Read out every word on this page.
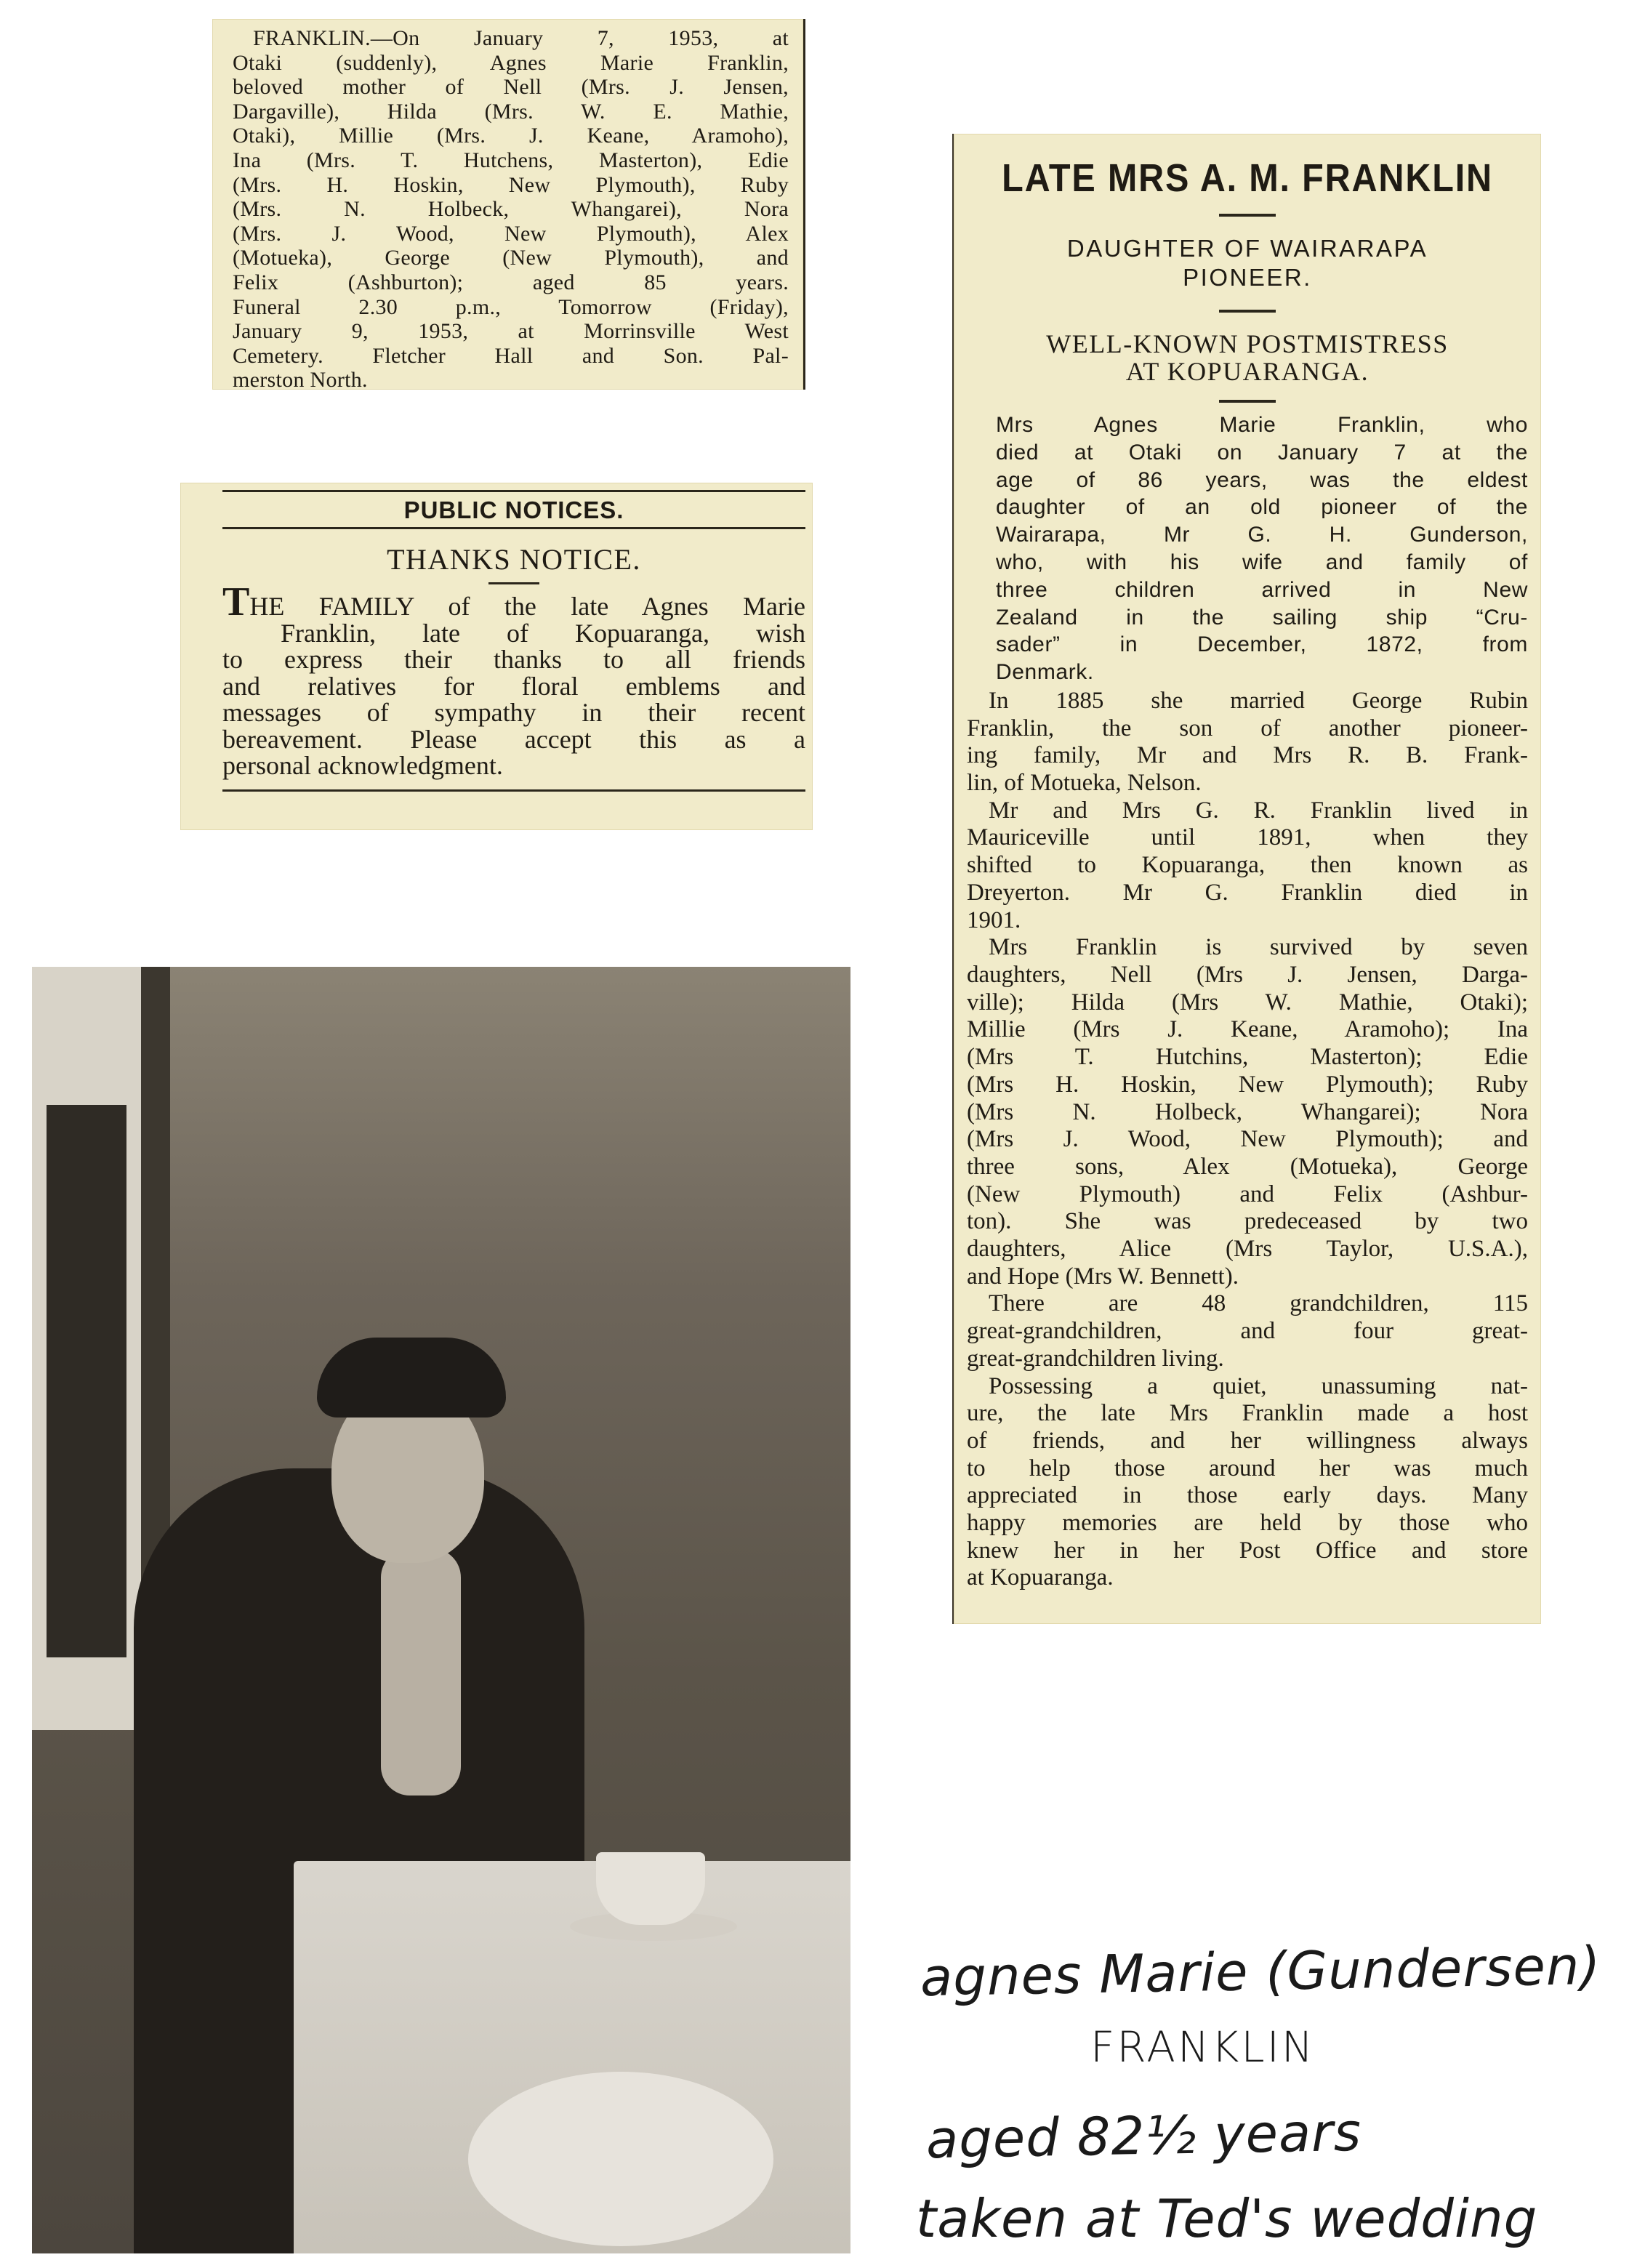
FRANKLIN.—On January 7, 1953, at
Otaki (suddenly), Agnes Marie Franklin,
beloved mother of Nell (Mrs. J. Jensen,
Dargaville), Hilda (Mrs. W. E. Mathie,
Otaki), Millie (Mrs. J. Keane, Aramoho),
Ina (Mrs. T. Hutchens, Masterton), Edie
(Mrs. H. Hoskin, New Plymouth), Ruby
(Mrs. N. Holbeck, Whangarei), Nora
(Mrs. J. Wood, New Plymouth), Alex
(Motueka), George (New Plymouth), and
Felix (Ashburton); aged 85 years.
Funeral 2.30 p.m., Tomorrow (Friday),
January 9, 1953, at Morrinsville West
Cemetery. Fletcher Hall and Son. Pal-
merston North.

PUBLIC NOTICES.
THANKS NOTICE.

THE FAMILY of the late Agnes Marie
Franklin, late of Kopuaranga, wish
to express their thanks to all friends
and relatives for floral emblems and
messages of sympathy in their recent
bereavement. Please accept this as a
personal acknowledgment.

LATE MRS A. M. FRANKLIN
DAUGHTER OF WAIRARAPA
PIONEER.
WELL-KNOWN POSTMISTRESS
AT KOPUARANGA.
Mrs Agnes Marie Franklin, who
died at Otaki on January 7 at the
age of 86 years, was the eldest
daughter of an old pioneer of the
Wairarapa, Mr G. H. Gunderson,
who, with his wife and family of
three children arrived in New
Zealand in the sailing ship “Cru-
sader” in December, 1872, from
Denmark.
In 1885 she married George Rubin
Franklin, the son of another pioneer-
ing family, Mr and Mrs R. B. Frank-
lin, of Motueka, Nelson.
Mr and Mrs G. R. Franklin lived in
Mauriceville until 1891, when they
shifted to Kopuaranga, then known as
Dreyerton. Mr G. Franklin died in
1901.
Mrs Franklin is survived by seven
daughters, Nell (Mrs J. Jensen, Darga-
ville); Hilda (Mrs W. Mathie, Otaki);
Millie (Mrs J. Keane, Aramoho); Ina
(Mrs T. Hutchins, Masterton); Edie
(Mrs H. Hoskin, New Plymouth); Ruby
(Mrs N. Holbeck, Whangarei); Nora
(Mrs J. Wood, New Plymouth); and
three sons, Alex (Motueka), George
(New Plymouth) and Felix (Ashbur-
ton). She was predeceased by two
daughters, Alice (Mrs Taylor, U.S.A.),
and Hope (Mrs W. Bennett).
There are 48 grandchildren, 115
great-grandchildren, and four great-
great-grandchildren living.
Possessing a quiet, unassuming nat-
ure, the late Mrs Franklin made a host
of friends, and her willingness always
to help those around her was much
appreciated in those early days. Many
happy memories are held by those who
knew her in her Post Office and store
at Kopuaranga.
agnes Marie (Gundersen)
FRANKLIN
aged 82½ years
taken at Ted's wedding
